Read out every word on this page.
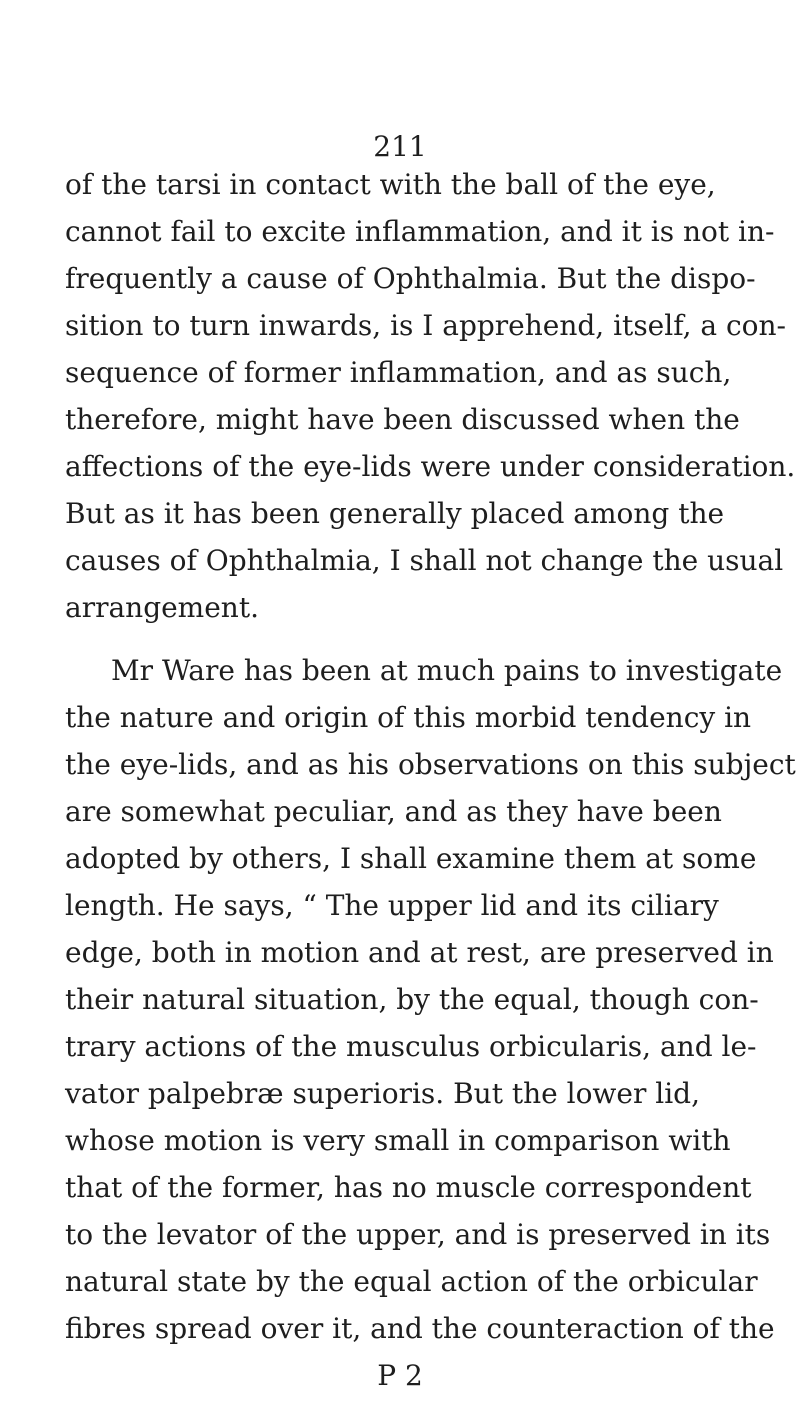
211
of the tarsi in contact with the ball of the eye,
cannot fail to excite inflammation, and it is not in-
frequently a cause of Ophthalmia. But the dispo-
sition to turn inwards, is I apprehend, itself, a con-
sequence of former inflammation, and as such,
therefore, might have been discussed when the
affections of the eye-lids were under consideration.
But as it has been generally placed among the
causes of Ophthalmia, I shall not change the usual
arrangement.
Mr Ware has been at much pains to investigate
the nature and origin of this morbid tendency in
the eye-lids, and as his observations on this subject
are somewhat peculiar, and as they have been
adopted by others, I shall examine them at some
length. He says, “ The upper lid and its ciliary
edge, both in motion and at rest, are preserved in
their natural situation, by the equal, though con-
trary actions of the musculus orbicularis, and le-
vator palpebræ superioris. But the lower lid,
whose motion is very small in comparison with
that of the former, has no muscle correspondent
to the levator of the upper, and is preserved in its
natural state by the equal action of the orbicular
fibres spread over it, and the counteraction of the
P 2
